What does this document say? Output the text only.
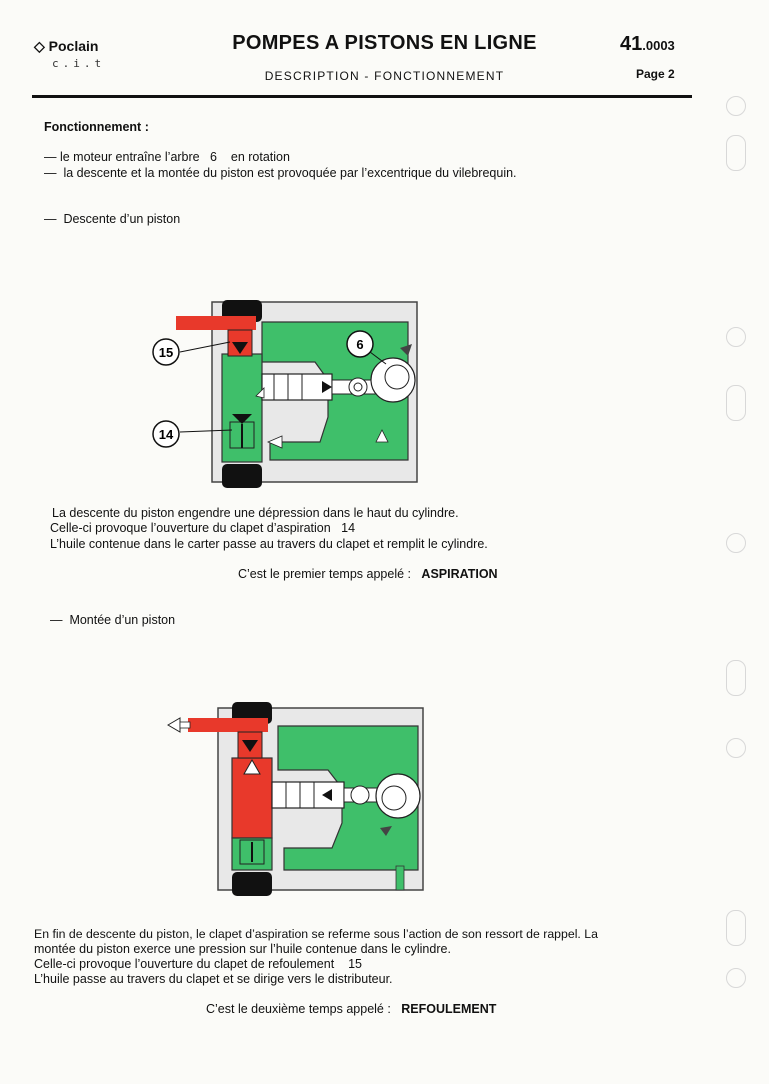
◇ Poclain
c.i.t
POMPES A PISTONS EN LIGNE
DESCRIPTION - FONCTIONNEMENT
41.0003
Page 2
Fonctionnement :
— le moteur entraîne l’arbre   6    en rotation
—  la descente et la montée du piston est provoquée par l’excentrique du vilebrequin.
—  Descente d’un piston
15
6
14
La descente du piston engendre une dépression dans le haut du cylindre.
Celle-ci provoque l’ouverture du clapet d’aspiration   14
L’huile contenue dans le carter passe au travers du clapet et remplit le cylindre.
C’est le premier temps appelé : ASPIRATION
—  Montée d’un piston
En fin de descente du piston, le clapet d’aspiration se referme sous l’action de son ressort de rappel. La
montée du piston exerce une pression sur l’huile contenue dans le cylindre.
Celle-ci provoque l’ouverture du clapet de refoulement    15
L’huile passe au travers du clapet et se dirige vers le distributeur.
C’est le deuxième temps appelé : REFOULEMENT
